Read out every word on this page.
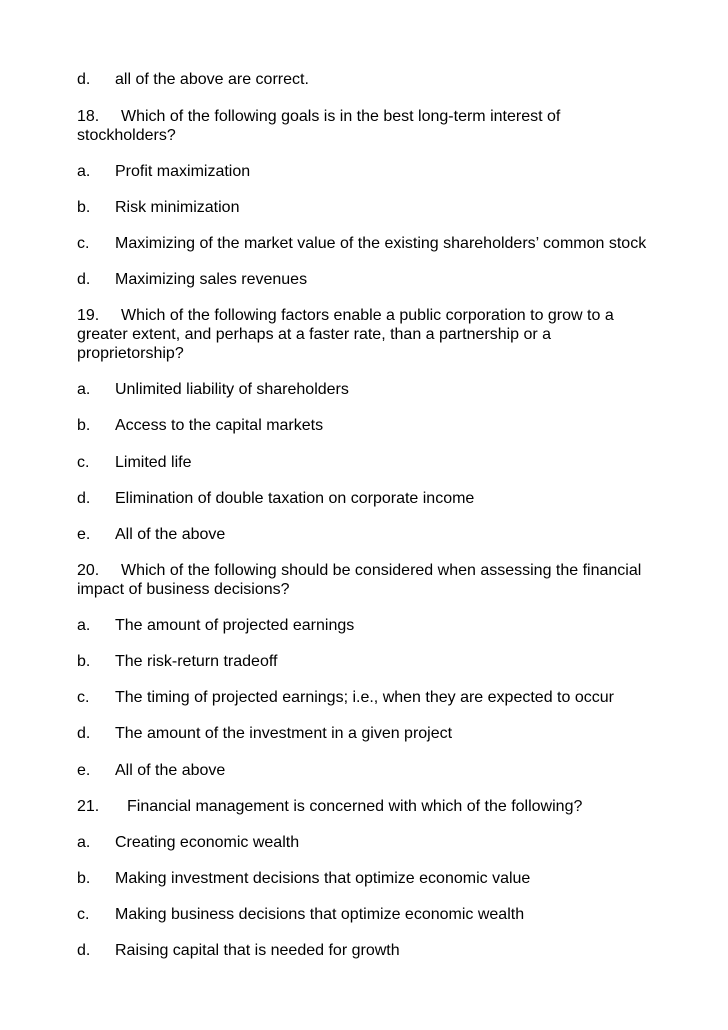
d. all of the above are correct.
18. Which of the following goals is in the best long-term interest of
stockholders?
a. Profit maximization
b. Risk minimization
c. Maximizing of the market value of the existing shareholders’ common stock
d. Maximizing sales revenues
19. Which of the following factors enable a public corporation to grow to a
greater extent, and perhaps at a faster rate, than a partnership or a
proprietorship?
a. Unlimited liability of shareholders
b. Access to the capital markets
c. Limited life
d. Elimination of double taxation on corporate income
e. All of the above
20. Which of the following should be considered when assessing the financial
impact of business decisions?
a. The amount of projected earnings
b. The risk-return tradeoff
c. The timing of projected earnings; i.e., when they are expected to occur
d. The amount of the investment in a given project
e. All of the above
21. Financial management is concerned with which of the following?
a. Creating economic wealth
b. Making investment decisions that optimize economic value
c. Making business decisions that optimize economic wealth
d. Raising capital that is needed for growth
